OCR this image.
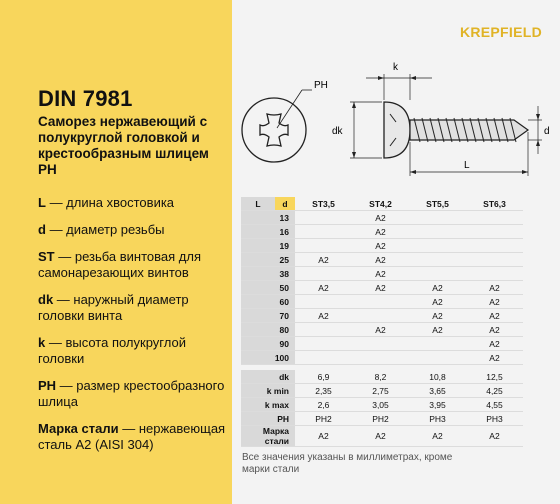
DIN 7981
Саморез нержавеющий с полукруглой головкой и крестообразным шлицем PH
L — длина хвостовика
d — диаметр резьбы
ST — резьба винтовая для самонарезающих винтов
dk — наружный диаметр головки винта
k — высота полукруглой головки
PH — размер крестообразного шлица
Марка стали — нержавеющая сталь A2 (AISI 304)
KREPFIELD
PH
k
dk	d
L
L	d	ST3,5	ST4,2	ST5,5	ST6,3
13			A2		
16			A2		
19			A2		
25		A2	A2		
38			A2		
50		A2	A2	A2	A2
60				A2	A2
70		A2		A2	A2
80			A2	A2	A2
90					A2
100					A2
dk	6,9	8,2	10,8	12,5
k min	2,35	2,75	3,65	4,25
k max	2,6	3,05	3,95	4,55
PH	PH2	PH2	PH3	PH3
Марка стали	A2	A2	A2	A2
Все значения указаны в миллиметрах, кроме марки стали
